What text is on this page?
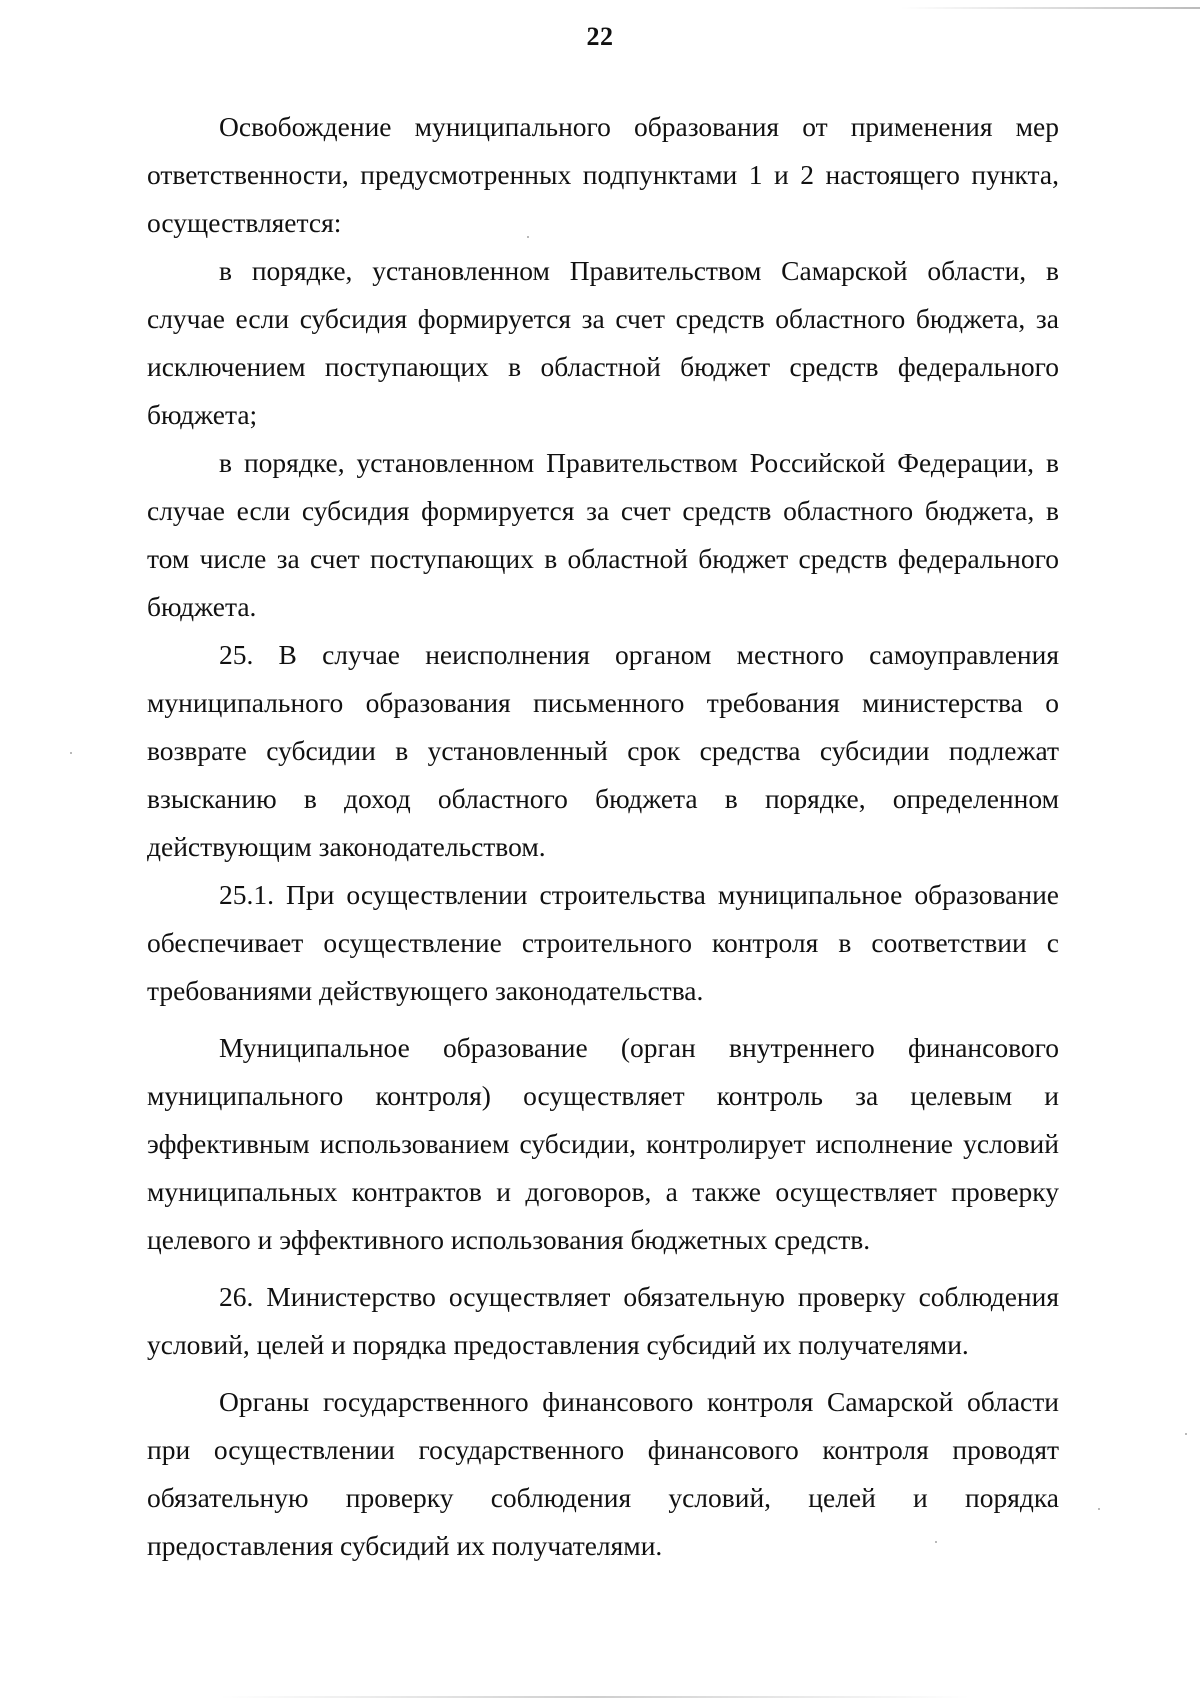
22

Освобождение муниципального образования от применения мер ответственности, предусмотренных подпунктами 1 и 2 настоящего пункта, осуществляется:

в порядке, установленном Правительством Самарской области, в случае если субсидия формируется за счет средств областного бюджета, за исключением поступающих в областной бюджет средств федерального бюджета;

в порядке, установленном Правительством Российской Федерации, в случае если субсидия формируется за счет средств областного бюджета, в том числе за счет поступающих в областной бюджет средств федерального бюджета.

25. В случае неисполнения органом местного самоуправления муниципального образования письменного требования министерства о возврате субсидии в установленный срок средства субсидии подлежат взысканию в доход областного бюджета в порядке, определенном действующим законодательством.

25.1. При осуществлении строительства муниципальное образование обеспечивает осуществление строительного контроля в соответствии с требованиями действующего законодательства.

Муниципальное образование (орган внутреннего финансового муниципального контроля) осуществляет контроль за целевым и эффективным использованием субсидии, контролирует исполнение условий муниципальных контрактов и договоров, а также осуществляет проверку целевого и эффективного использования бюджетных средств.

26. Министерство осуществляет обязательную проверку соблюдения условий, целей и порядка предоставления субсидий их получателями.

Органы государственного финансового контроля Самарской области при осуществлении государственного финансового контроля проводят обязательную проверку соблюдения условий, целей и порядка предоставления субсидий их получателями.
